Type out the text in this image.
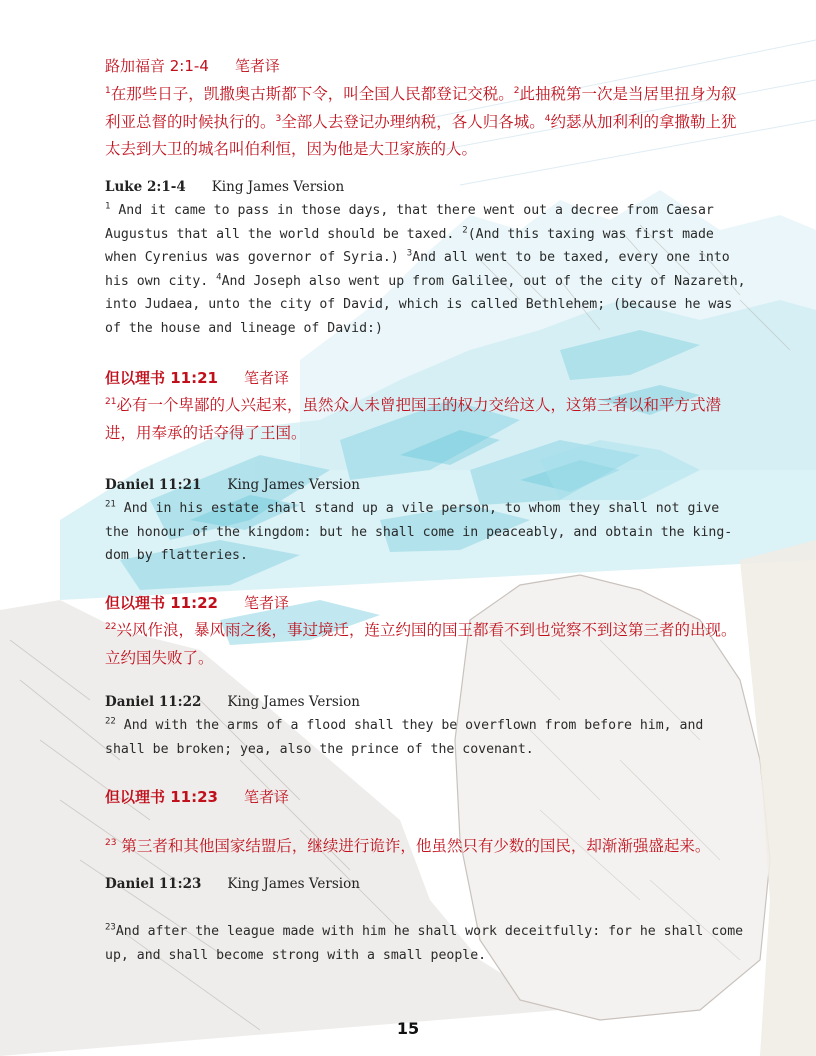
路加福音 2:1-4 笔者译

$^1$在那些日子，凯撒奥古斯都下令，叫全国人民都登记交税。$^2$此抽税第一次是当居里扭身为叙利亚总督的时候执行的。$^3$全部人去登记办理纳税，各人归各城。$^4$约瑟从加利利的拿撒勒上犹太去到大卫的城名叫伯利恒，因为他是大卫家族的人。

Luke 2:1-4 King James Version

$^1$ And it came to pass in those days, that there went out a decree from Caesar Augustus that all the world should be taxed. $^2$(And this taxing was first made when Cyrenius was governor of Syria.) $^3$And all went to be taxed, every one into his own city. $^4$And Joseph also went up from Galilee, out of the city of Nazareth, into Judaea, unto the city of David, which is called Bethlehem; (because he was of the house and lineage of David:)

但以理书 11:21 笔者译

$^{21}$必有一个卑鄙的人兴起来，虽然众人未曾把国王的权力交给这人，这第三者以和平方式潜进，用奉承的话夺得了王国。

Daniel 11:21 King James Version

$^{21}$ And in his estate shall stand up a vile person, to whom they shall not give the honour of the kingdom: but he shall come in peaceably, and obtain the king-dom by flatteries.

但以理书 11:22 笔者译

$^{22}$兴风作浪，暴风雨之後，事过境迁，连立约国的国王都看不到也觉察不到这第三者的出现。立约国失败了。

Daniel 11:22 King James Version

$^{22}$ And with the arms of a flood shall they be overflown from before him, and shall be broken; yea, also the prince of the covenant.

但以理书 11:23 笔者译

$^{23}$ 第三者和其他国家结盟后，继续进行诡诈，他虽然只有少数的国民，却渐渐强盛起来。

Daniel 11:23 King James Version

$^{23}$And after the league made with him he shall work deceitfully: for he shall come up, and shall become strong with a small people.

15
